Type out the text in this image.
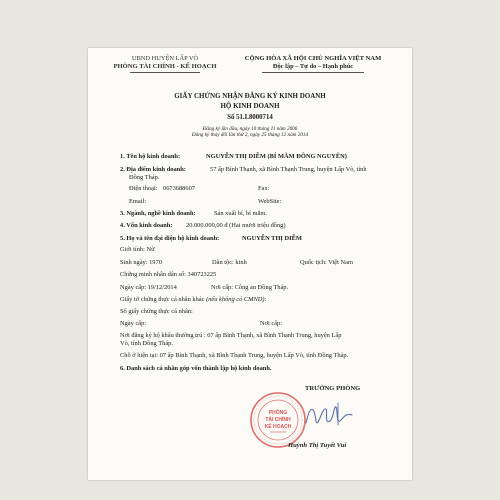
UBND HUYỆN LẤP VÒ
PHÒNG TÀI CHÍNH - KẾ HOẠCH
CỘNG HÒA XÃ HỘI CHỦ NGHĨA VIỆT NAM
Độc lập – Tự do – Hạnh phúc
GIẤY CHỨNG NHẬN ĐĂNG KÝ KINH DOANH
HỘ KINH DOANH
Số 51.I.8000714
Đăng ký lần đầu, ngày 10 tháng 11 năm 2006
Đăng ký thay đổi lần thứ 2, ngày 25 tháng 12 năm 2014
1. Tên hộ kinh doanh:	NGUYỄN THỊ DIỄM (BÍ MĂM ĐÔNG NGUYÊN)
2. Địa điểm kinh doanh:	57 ấp Bình Thạnh, xã Bình Thạnh Trung, huyện Lấp Vò, tỉnh
Đồng Tháp.
Điện thoại: 0673688607	Fax:
Email:	WebSite:
3. Ngành, nghề kinh doanh:	Sản xuất bí, bí mắm.
4. Vốn kinh doanh: 20.000.000,00 đ (Hai mươi triệu đồng)
5. Họ và tên đại diện hộ kinh doanh:	NGUYỄN THỊ DIỄM
Giới tính: Nữ
Sinh ngày: 1970	Dân tộc: kinh	Quốc tịch: Việt Nam
Chứng minh nhân dân số: 340723225
Ngày cấp: 19/12/2014	Nơi cấp: Công an Đồng Tháp.
Giấy tờ chứng thực cá nhân khác (nếu không có CMND):
Số giấy chứng thực cá nhân:
Ngày cấp:	Nơi cấp:
Nơi đăng ký hộ khẩu thường trú : 07 ấp Bình Thạnh, xã Bình Thạnh Trung, huyện Lấp
Vò, tỉnh Đồng Tháp.
Chỗ ở hiện tại: 07 ấp Bình Thạnh, xã Bình Thạnh Trung, huyện Lấp Vò, tỉnh Đồng Tháp.
6. Danh sách cá nhân góp vốn thành lập hộ kinh doanh.
TRƯỞNG PHÒNG
PHÒNG
TÀI CHÍNH
KẾ HOẠCH
Huỳnh Thị Tuyết Vui
